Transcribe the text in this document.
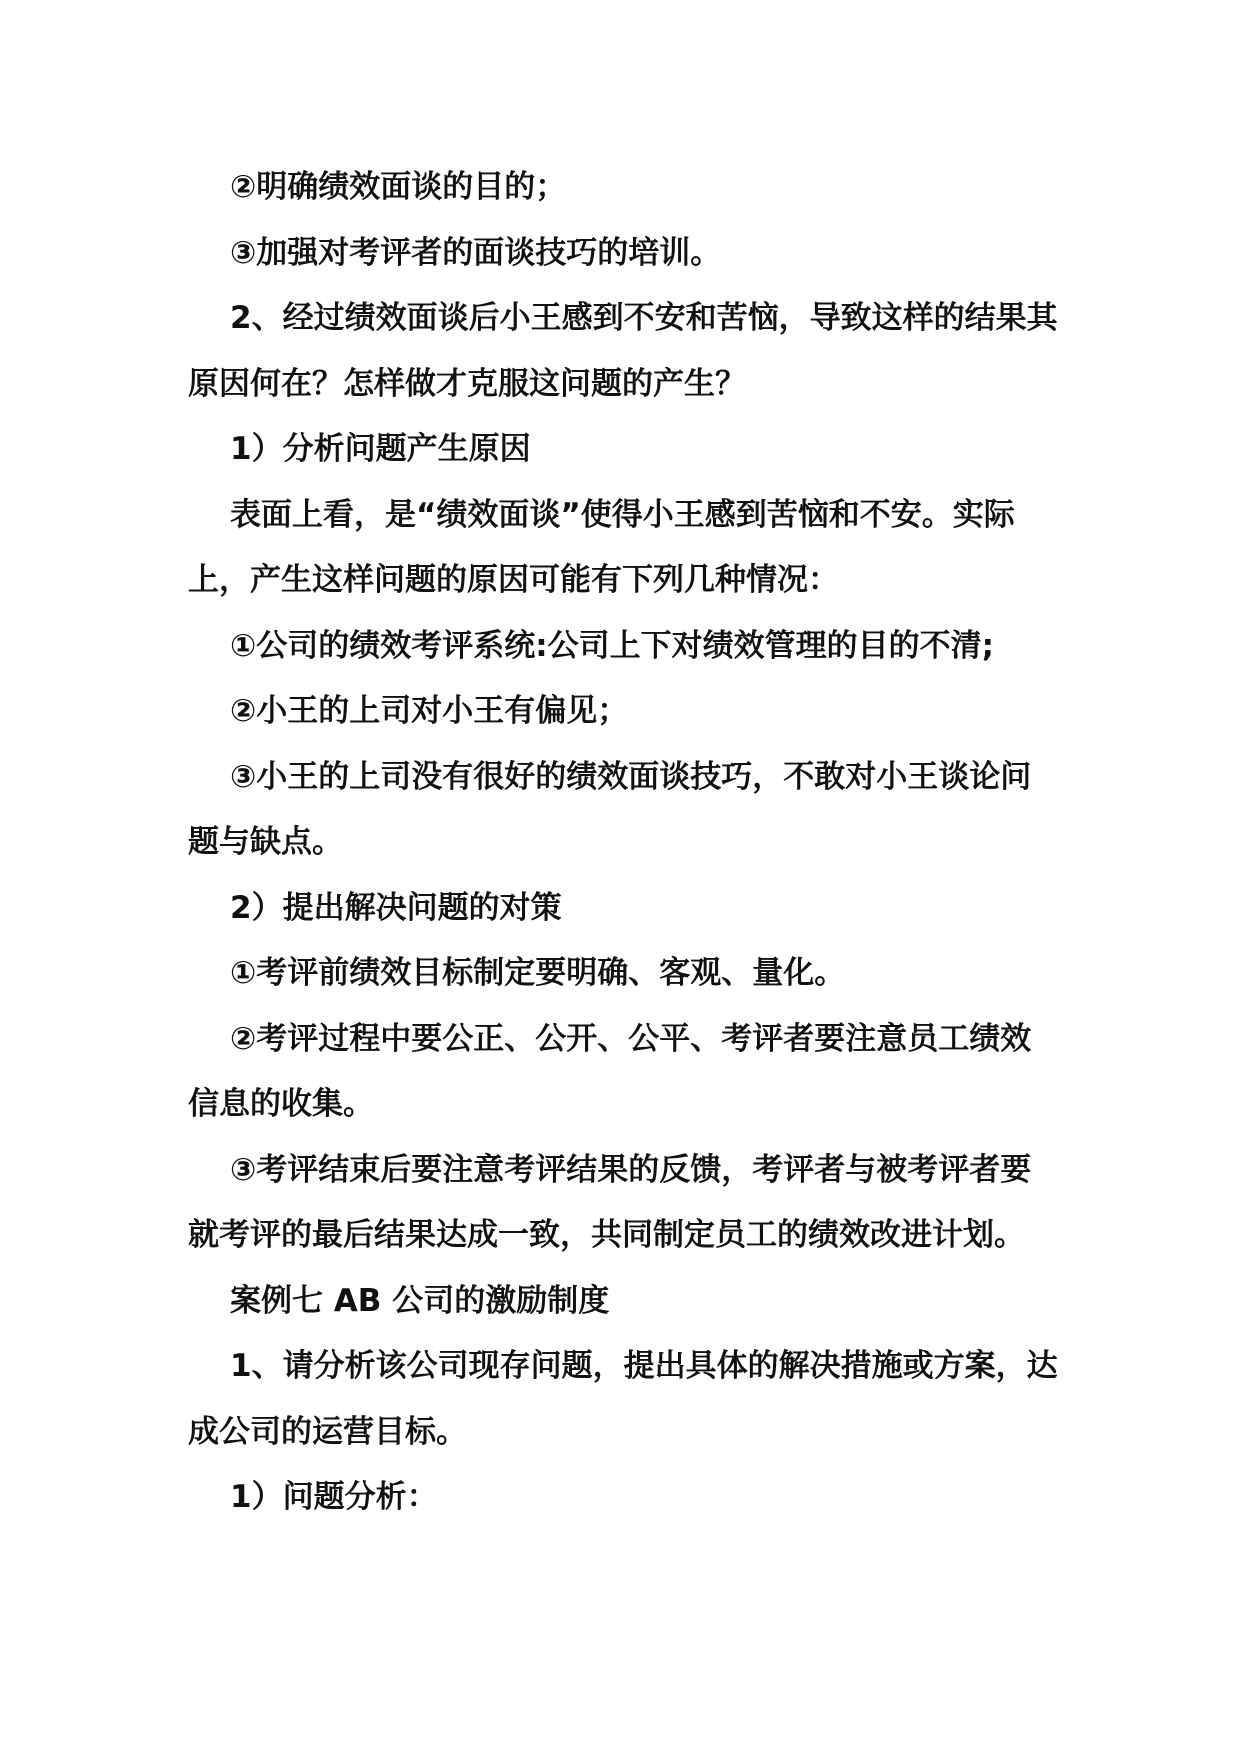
②明确绩效面谈的目的；

③加强对考评者的面谈技巧的培训。

2、经过绩效面谈后小王感到不安和苦恼，导致这样的结果其原因何在？怎样做才克服这问题的产生？

1）分析问题产生原因

表面上看，是“绩效面谈”使得小王感到苦恼和不安。实际上，产生这样问题的原因可能有下列几种情况：

①公司的绩效考评系统:公司上下对绩效管理的目的不清;

②小王的上司对小王有偏见；

③小王的上司没有很好的绩效面谈技巧，不敢对小王谈论问题与缺点。

2）提出解决问题的对策

①考评前绩效目标制定要明确、客观、量化。

②考评过程中要公正、公开、公平、考评者要注意员工绩效信息的收集。

③考评结束后要注意考评结果的反馈，考评者与被考评者要就考评的最后结果达成一致，共同制定员工的绩效改进计划。

案例七 AB 公司的激励制度

1、请分析该公司现存问题，提出具体的解决措施或方案，达成公司的运营目标。

1）问题分析：
